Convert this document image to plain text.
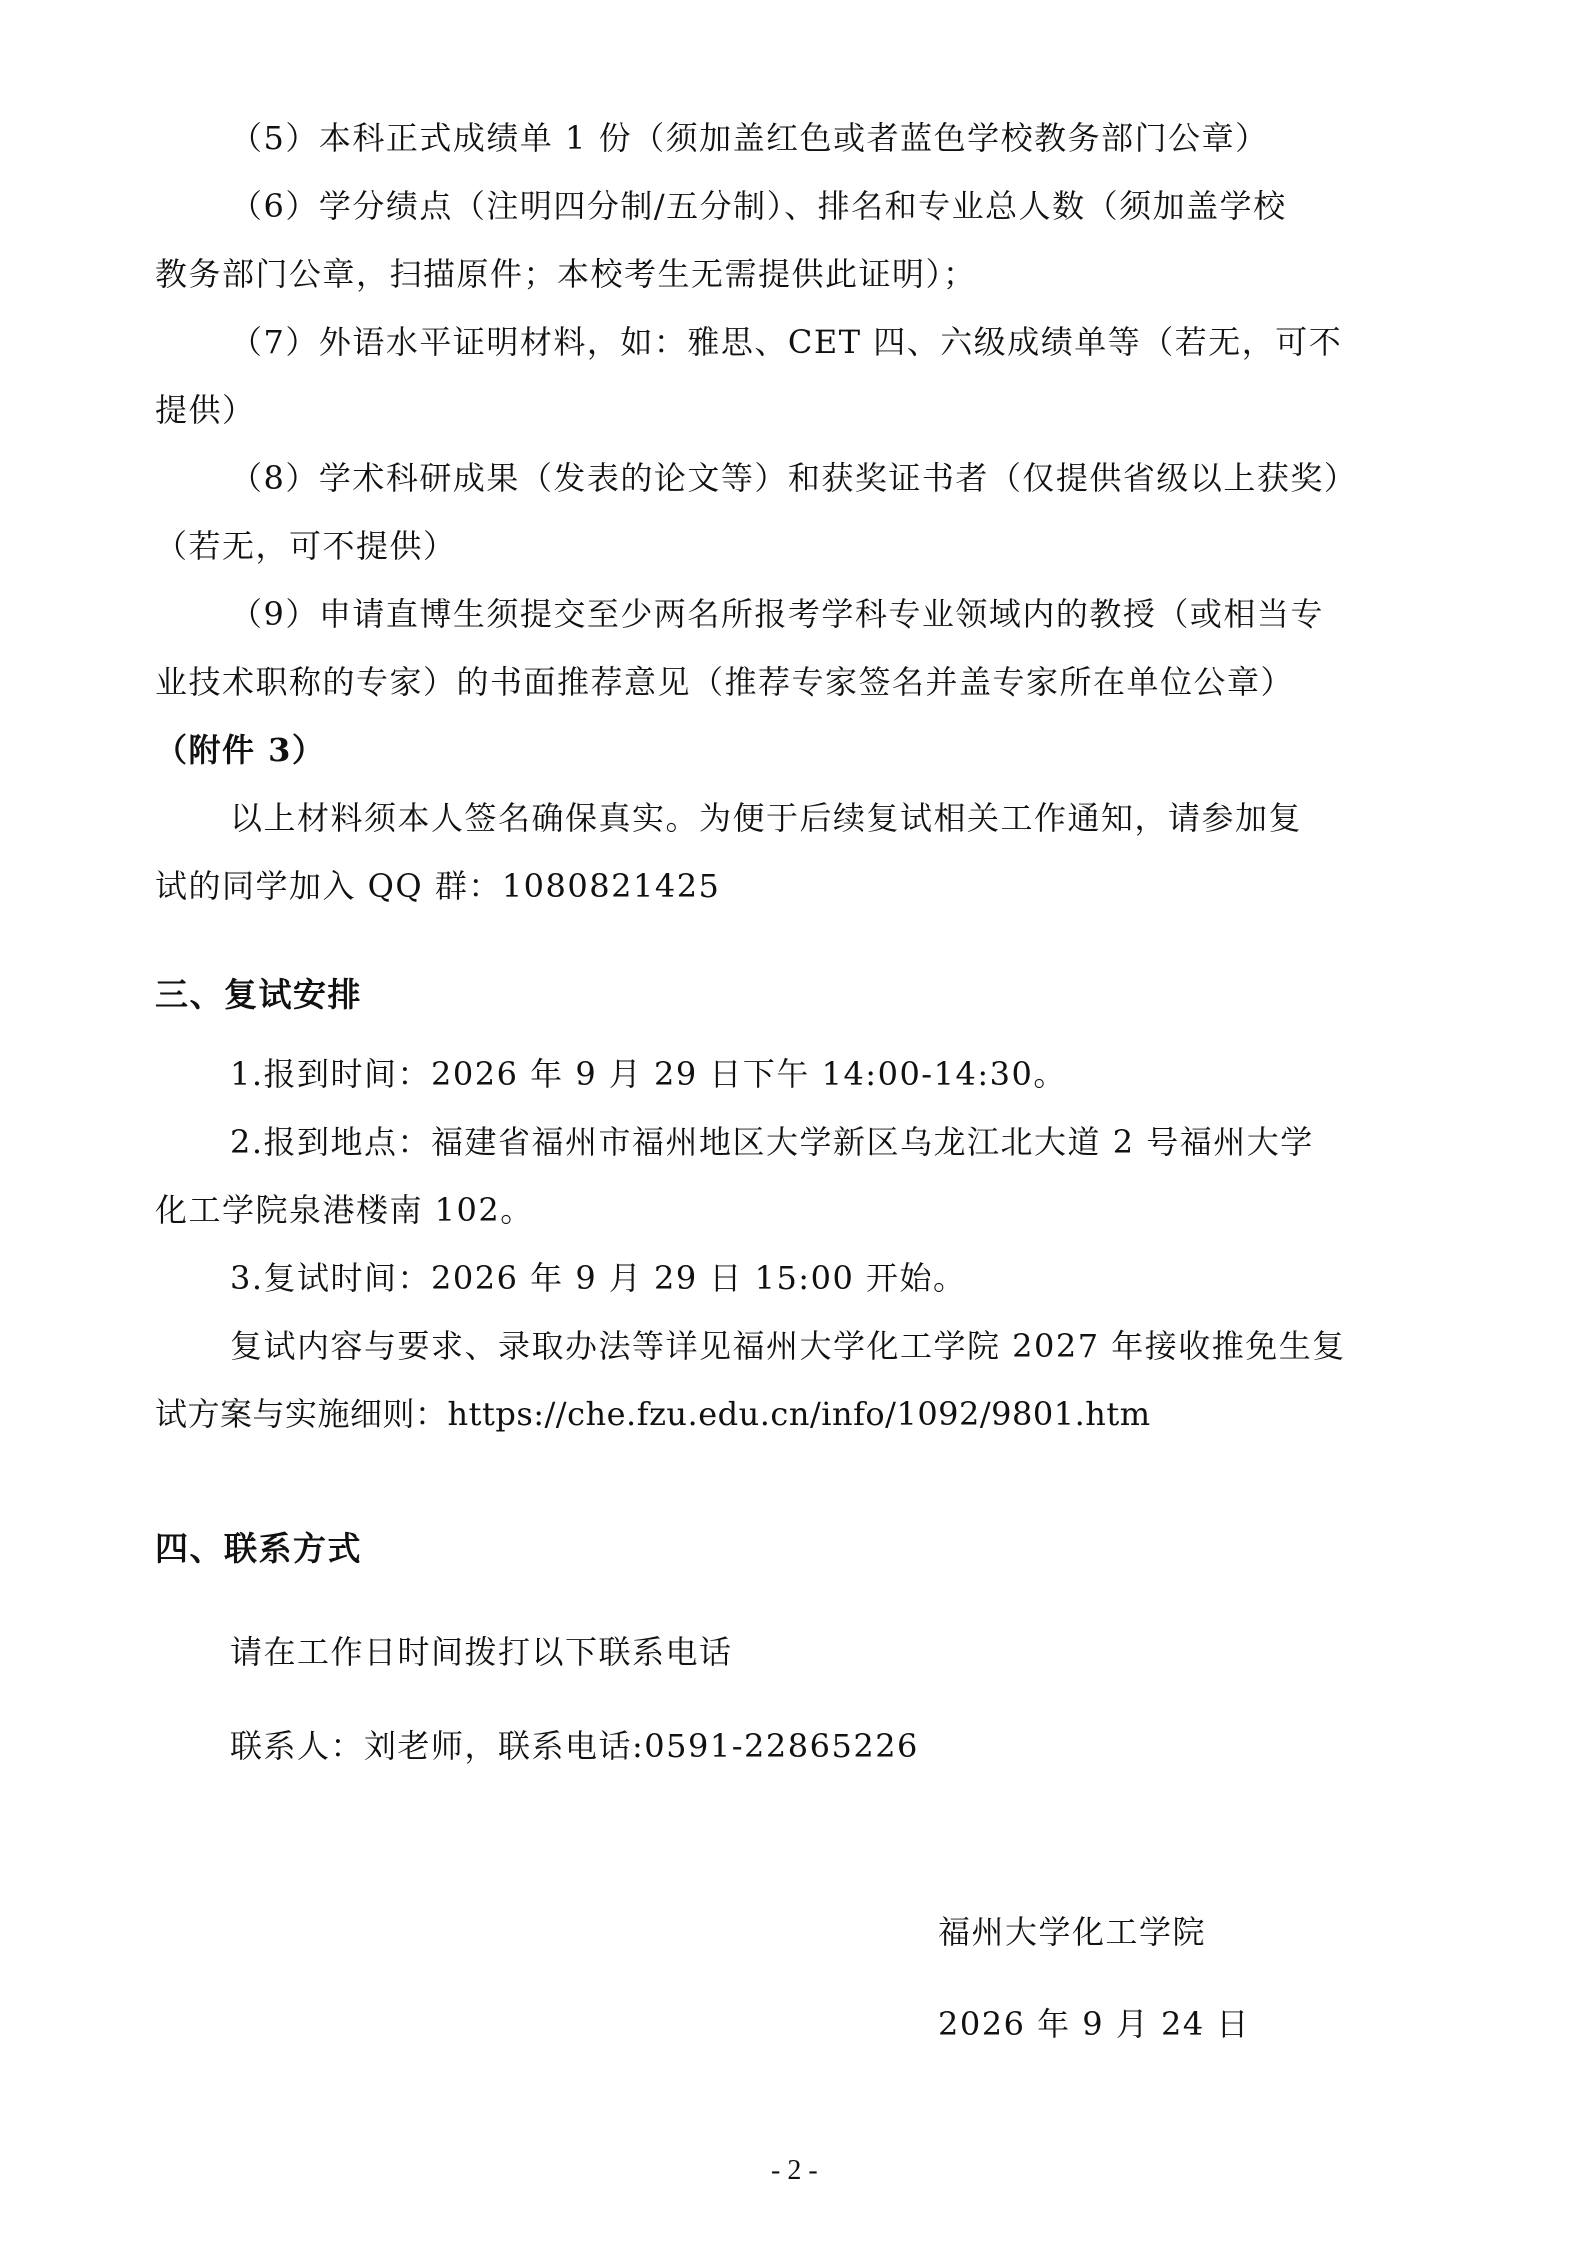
（5）本科正式成绩单 1 份（须加盖红色或者蓝色学校教务部门公章）
（6）学分绩点（注明四分制/五分制）、排名和专业总人数（须加盖学校
教务部门公章，扫描原件；本校考生无需提供此证明）；
（7）外语水平证明材料，如：雅思、CET 四、六级成绩单等（若无，可不
提供）
（8）学术科研成果（发表的论文等）和获奖证书者（仅提供省级以上获奖）
（若无，可不提供）
（9）申请直博生须提交至少两名所报考学科专业领域内的教授（或相当专
业技术职称的专家）的书面推荐意见（推荐专家签名并盖专家所在单位公章）
（附件 3）
以上材料须本人签名确保真实。为便于后续复试相关工作通知，请参加复
试的同学加入 QQ 群：1080821425
三、复试安排
1.报到时间：2026 年 9 月 29 日下午 14:00-14:30。
2.报到地点：福建省福州市福州地区大学新区乌龙江北大道 2 号福州大学
化工学院泉港楼南 102。
3.复试时间：2026 年 9 月 29 日 15:00 开始。
复试内容与要求、录取办法等详见福州大学化工学院 2027 年接收推免生复
试方案与实施细则：https://che.fzu.edu.cn/info/1092/9801.htm
四、联系方式
请在工作日时间拨打以下联系电话
联系人：刘老师，联系电话:0591-22865226
福州大学化工学院
2026 年 9 月 24 日
- 2 -
